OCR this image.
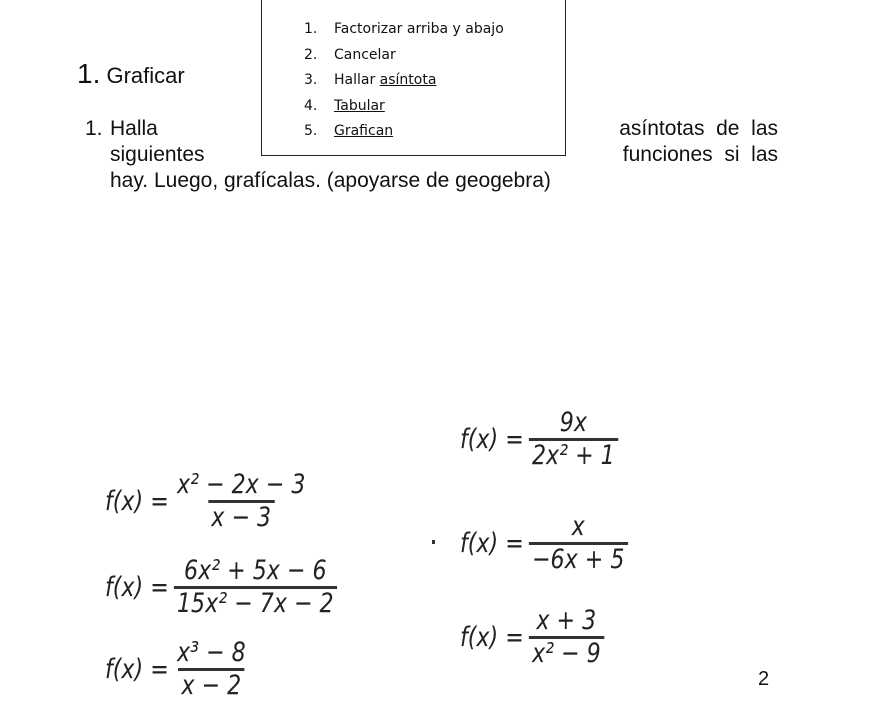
1. Graficar
1. Halla	asíntotas  de  las
siguientes	funciones  si  las
hay. Luego, grafícalas. (apoyarse de geogebra)
1. Factorizar arriba y abajo
2. Cancelar
3. Hallar asíntota
4. Tabular
5. Grafican
$f(x) = \frac{\text{x² − 2x − 3}}{x - 3}$
$f(x) = \frac{\text{6x² + 5x − 6}}{\text{15x² − 7x − 2}}$
$f(x) = \frac{\text{x³ − 8}}{x - 2}$
$f(x) = \frac{9x}{\text{2x² + 1}}$
$f(x) = \frac{x}{-6x + 5}$
$f(x) = \frac{x + 3}{\text{x² − 9}}$
2
